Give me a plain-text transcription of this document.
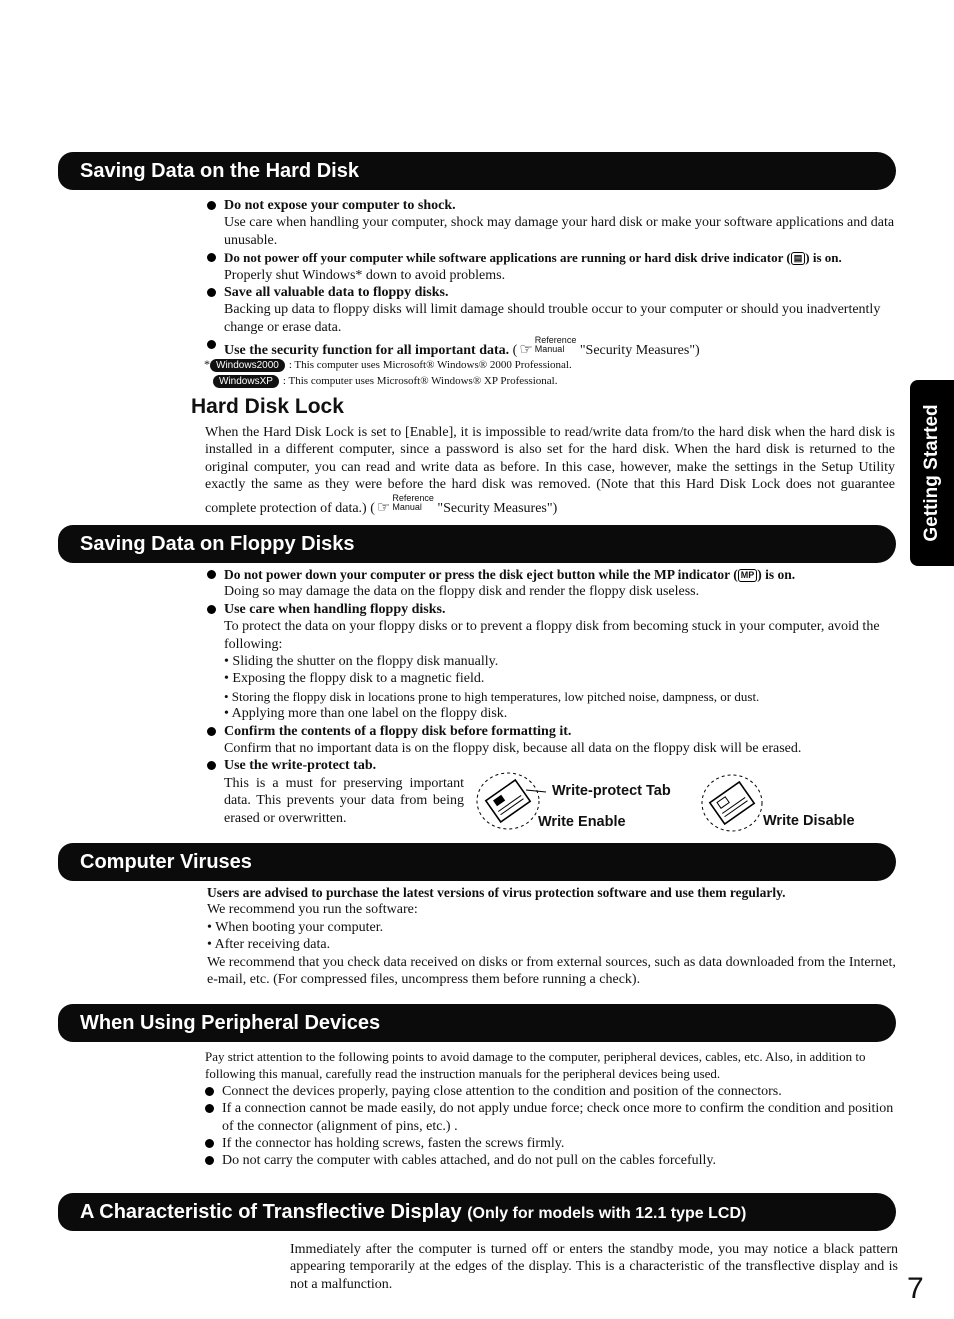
Saving Data on the Hard Disk

Do not expose your computer to shock.

Use care when handling your computer, shock may damage your hard disk or make your software applications and data unusable.

Do not power off your computer while software applications are running or hard disk drive indicator ( ▤ ) is on.

Properly shut Windows* down to avoid problems.

Save all valuable data to floppy disks.

Backing up data to floppy disks will limit damage should trouble occur to your computer or should you inadvertently change or erase data.

Use the security function for all important data. ( ☞Reference
Manual "Security Measures")

* Windows2000 : This computer uses Microsoft® Windows® 2000 Professional.

WindowsXP : This computer uses Microsoft® Windows® XP Professional.

Hard Disk Lock

When the Hard Disk Lock is set to [Enable], it is impossible to read/write data from/to the hard disk when the hard disk is installed in a different computer, since a password is also set for the hard disk. When the hard disk is returned to the original computer, you can read and write data as before. In this case, however, make the settings in the Setup Utility exactly the same as they were before the hard disk was removed. (Note that this Hard Disk Lock does not guarantee complete protection of data.) ( ☞Reference
Manual "Security Measures")

Saving Data on Floppy Disks

Do not power down your computer or press the disk eject button while the MP indicator ( MP ) is on.

Doing so may damage the data on the floppy disk and render the floppy disk useless.

Use care when handling floppy disks.

To protect the data on your floppy disks or to prevent a floppy disk from becoming stuck in your computer, avoid the following:

• Sliding the shutter on the floppy disk manually.

• Exposing the floppy disk to a magnetic field.

• Storing the floppy disk in locations prone to high temperatures, low pitched noise, dampness, or dust.

• Applying more than one label on the floppy disk.

Confirm the contents of a floppy disk before formatting it.

Confirm that no important data is on the floppy disk, because all data on the floppy disk will be erased.

Use the write-protect tab.

This is a must for preserving important data. This prevents your data from being erased or overwritten.
Write-protect Tab
Write Enable	Write Disable
Computer Viruses

Users are advised to purchase the latest versions of virus protection software and use them regularly.

We recommend you run the software:

• When booting your computer.

• After receiving data.

We recommend that you check data received on disks or from external sources, such as data downloaded from the Internet, e-mail, etc. (For compressed files, uncompress them before running a check).

When Using Peripheral Devices

Pay strict attention to the following points to avoid damage to the computer, peripheral devices, cables, etc. Also, in addition to following this manual, carefully read the instruction manuals for the peripheral devices being used.

Connect the devices properly, paying close attention to the condition and position of the connectors.

If a connection cannot be made easily, do not apply undue force; check once more to confirm the condition and position of the connector (alignment of pins, etc.) .

If the connector has holding screws, fasten the screws firmly.

Do not carry the computer with cables attached, and do not pull on the cables forcefully.

A Characteristic of Transflective Display (Only for models with 12.1 type LCD)
Immediately after the computer is turned off or enters the standby mode, you may notice a black pattern appearing temporarily at the edges of the display. This is a characteristic of the transflective display and is not a malfunction.
Getting Started
7
